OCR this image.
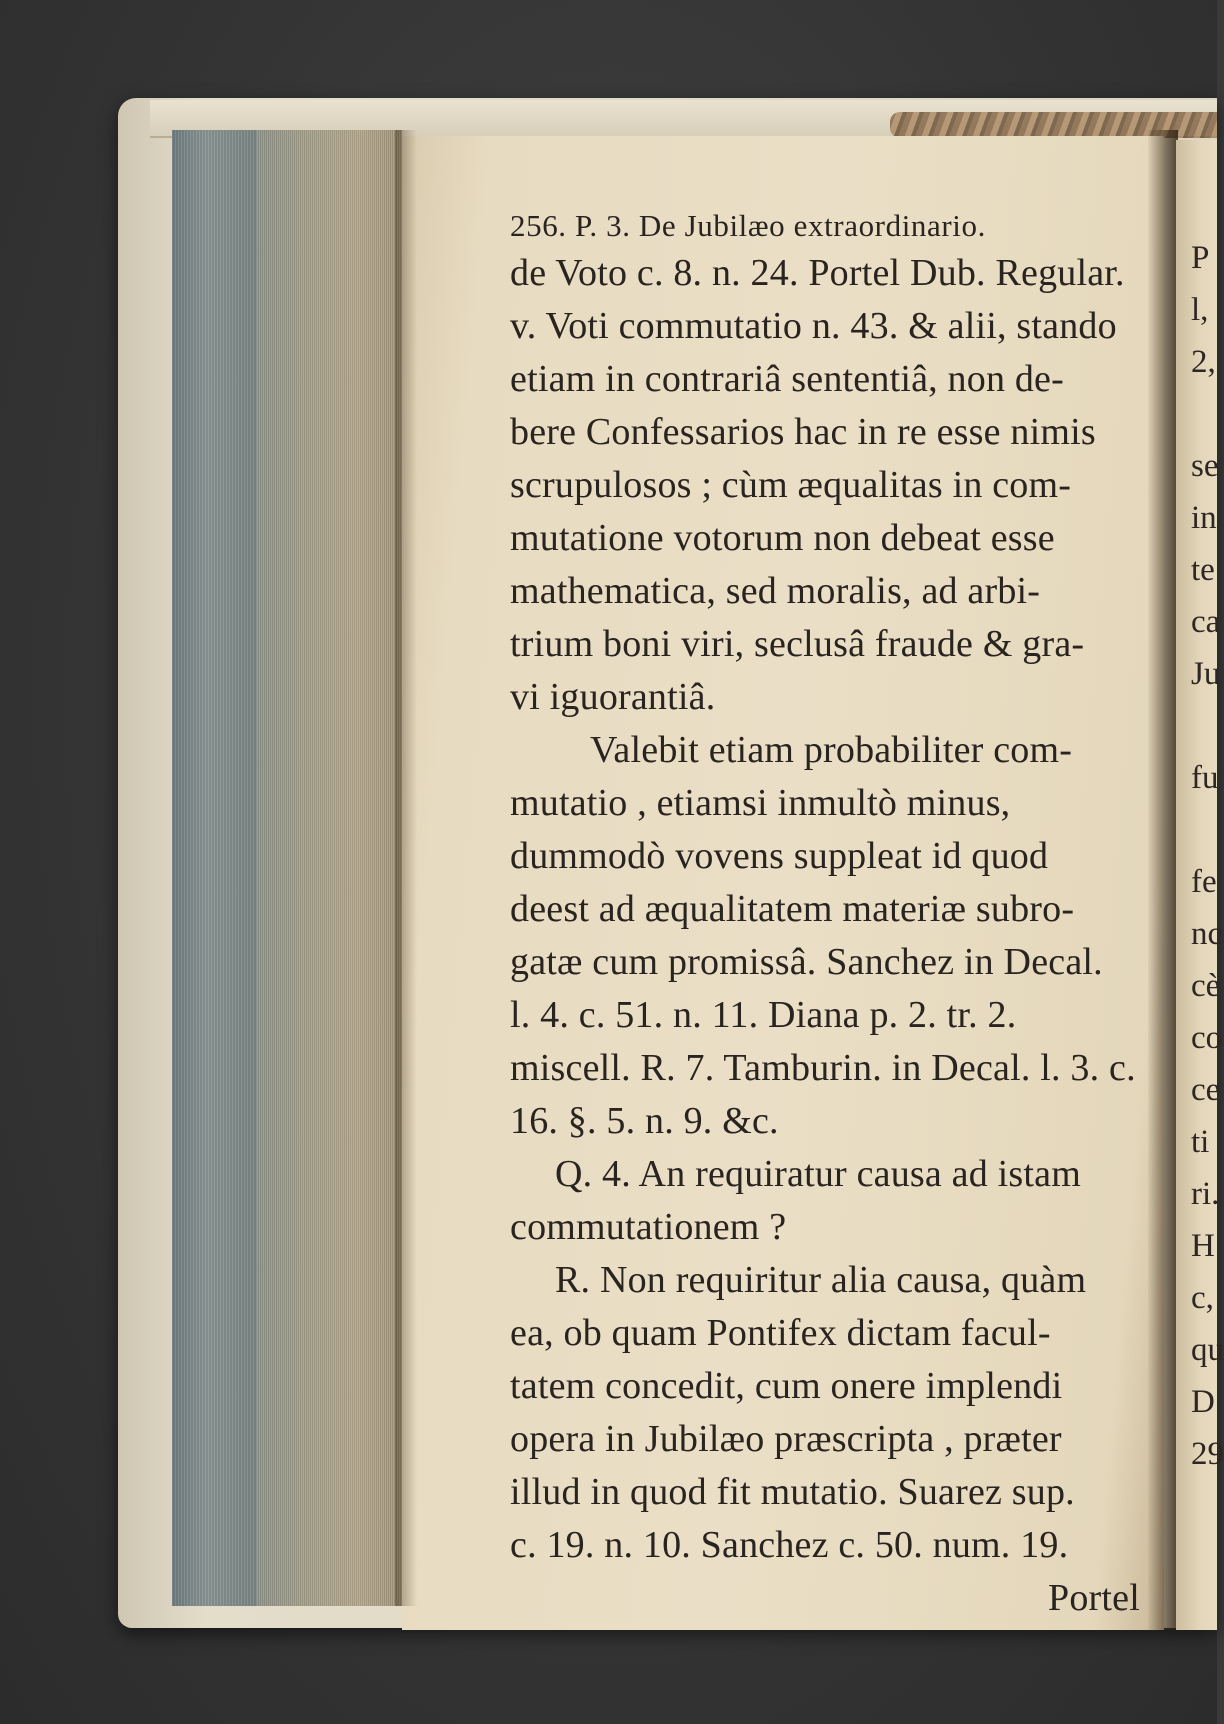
P
l,
2,
se
in
te
ca
Ju
fu
fe
nc
cè
co
ce
ti
ri.
H
c,
qu
D
29
256. P. 3. De Jubilæo extraordinario.
de Voto c. 8. n. 24. Portel Dub. Regular.
v. Voti commutatio n. 43. & alii, stando
etiam in contrariâ sententiâ, non de-
bere Confessarios hac in re esse nimis
scrupulosos ; cùm æqualitas in com-
mutatione votorum non debeat esse
mathematica, sed moralis, ad arbi-
trium boni viri, seclusâ fraude & gra-
vi iguorantiâ.
Valebit etiam probabiliter com-
mutatio , etiamsi inmultò minus,
dummodò vovens suppleat id quod
deest ad æqualitatem materiæ subro-
gatæ cum promissâ. Sanchez in Decal.
l. 4. c. 51. n. 11. Diana p. 2. tr. 2.
miscell. R. 7. Tamburin. in Decal. l. 3. c.
16. §. 5. n. 9. &c.
Q. 4. An requiratur causa ad istam
commutationem ?
R. Non requiritur alia causa, quàm
ea, ob quam Pontifex dictam facul-
tatem concedit, cum onere implendi
opera in Jubilæo præscripta , præter
illud in quod fit mutatio. Suarez sup.
c. 19. n. 10. Sanchez c. 50. num. 19.
Portel
